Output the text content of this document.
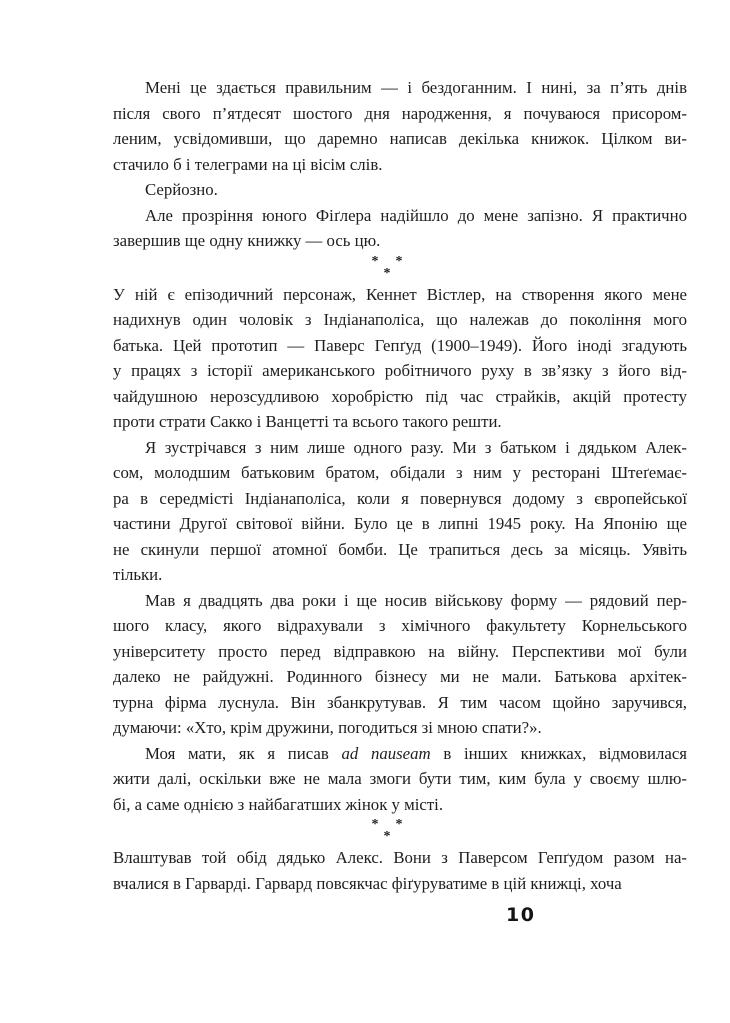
Мені це здається правильним — і бездоганним. І нині, за п’ять днів
після свого п’ятдесят шостого дня народження, я почуваюся присором-
леним, усвідомивши, що даремно написав декілька книжок. Цілком ви-
стачило б і телеграми на ці вісім слів.
Серйозно.
Але прозріння юного Фіґлера надійшло до мене запізно. Я практично
завершив ще одну книжку — ось цю.
* *
*
У ній є епізодичний персонаж, Кеннет Вістлер, на створення якого мене
надихнув один чоловік з Індіанаполіса, що належав до покоління мого
батька. Цей прототип — Паверс Гепґуд (1900–1949). Його іноді згадують
у працях з історії американського робітничого руху в зв’язку з його від-
чайдушною нерозсудливою хоробрістю під час страйків, акцій протесту
проти страти Сакко і Ванцетті та всього такого решти.
Я зустрічався з ним лише одного разу. Ми з батьком і дядьком Алек-
сом, молодшим батьковим братом, обідали з ним у ресторані Штеґемає-
ра в середмісті Індіанаполіса, коли я повернувся додому з європейської
частини Другої світової війни. Було це в липні 1945 року. На Японію ще
не скинули першої атомної бомби. Це трапиться десь за місяць. Уявіть
тільки.
Мав я двадцять два роки і ще носив військову форму — рядовий пер-
шого класу, якого відрахували з хімічного факультету Корнельського
університету просто перед відправкою на війну. Перспективи мої були
далеко не райдужні. Родинного бізнесу ми не мали. Батькова архітек-
турна фірма луснула. Він збанкрутував. Я тим часом щойно заручився,
думаючи: «Хто, крім дружини, погодиться зі мною спати?».
Моя мати, як я писав ad nauseam в інших книжках, відмовилася
жити далі, оскільки вже не мала змоги бути тим, ким була у своєму шлю-
бі, а саме однією з найбагатших жінок у місті.
* *
*
Влаштував той обід дядько Алекс. Вони з Паверсом Гепґудом разом на-
вчалися в Гарварді. Гарвард повсякчас фіґуруватиме в цій книжці, хоча
10
